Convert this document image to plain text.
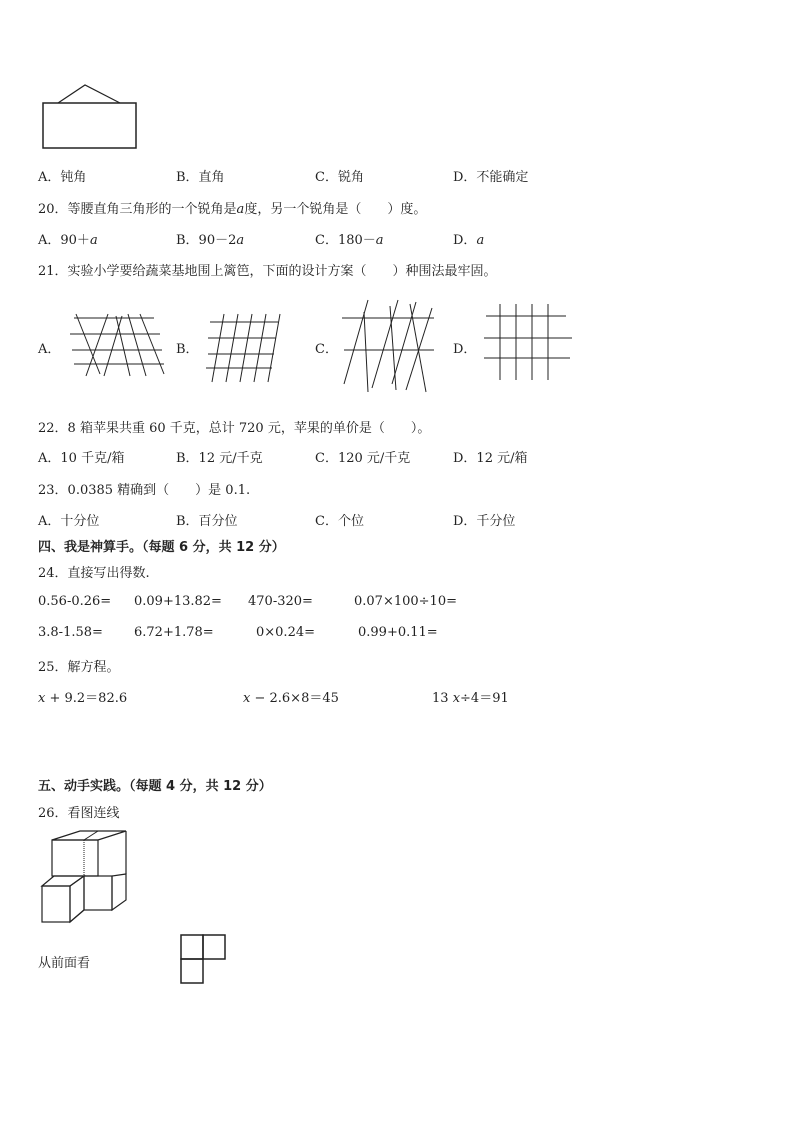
A．钝角	B．直角	C．锐角	D．不能确定
20．等腰直角三角形的一个锐角是a度，另一个锐角是（　　）度。
A．90＋a	B．90－2a	C．180－a	D．a
21．实验小学要给蔬菜基地围上篱笆，下面的设计方案（　　）种围法最牢固。
A．	B．	C．	D．
22．8 箱苹果共重 60 千克，总计 720 元，苹果的单价是（　　）。
A．10 千克/箱	B．12 元/千克	C．120 元/千克	D．12 元/箱
23．0.0385 精确到（　　）是 0.1.
A．十分位	B．百分位	C．个位	D．千分位
四、我是神算手。（每题 6 分，共 12 分）
24．直接写出得数.
0.56-0.26= 0.09+13.82= 470-320=	0.07×100÷10=
3.8-1.58= 6.72+1.78=	0×0.24=	0.99+0.11=
25．解方程。
x + 9.2＝82.6	x − 2.6×8＝45	13 x÷4＝91
五、动手实践。（每题 4 分，共 12 分）
26．看图连线
从前面看
